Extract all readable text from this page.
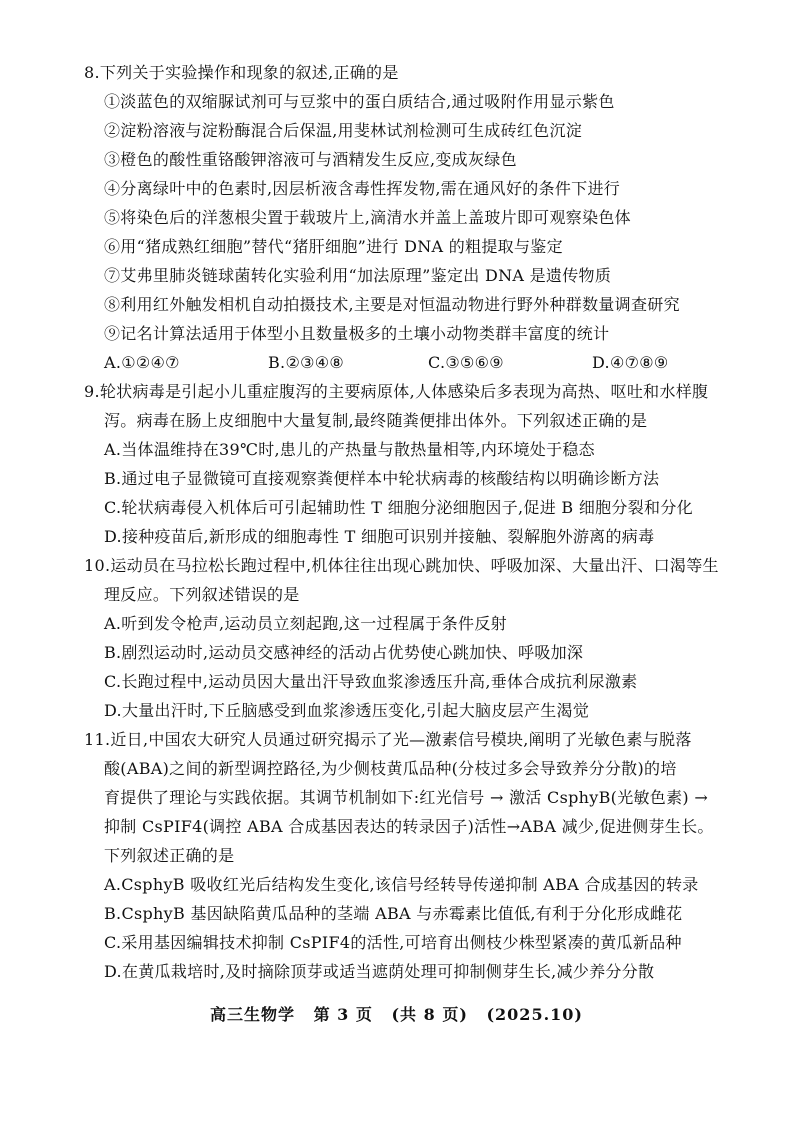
8.下列关于实验操作和现象的叙述,正确的是
①淡蓝色的双缩脲试剂可与豆浆中的蛋白质结合,通过吸附作用显示紫色
②淀粉溶液与淀粉酶混合后保温,用斐林试剂检测可生成砖红色沉淀
③橙色的酸性重铬酸钾溶液可与酒精发生反应,变成灰绿色
④分离绿叶中的色素时,因层析液含毒性挥发物,需在通风好的条件下进行
⑤将染色后的洋葱根尖置于载玻片上,滴清水并盖上盖玻片即可观察染色体
⑥用“猪成熟红细胞”替代“猪肝细胞”进行 DNA 的粗提取与鉴定
⑦艾弗里肺炎链球菌转化实验利用“加法原理”鉴定出 DNA 是遗传物质
⑧利用红外触发相机自动拍摄技术,主要是对恒温动物进行野外种群数量调查研究
⑨记名计算法适用于体型小且数量极多的土壤小动物类群丰富度的统计
A.①②④⑦	B.②③④⑧	C.③⑤⑥⑨	D.④⑦⑧⑨
9.轮状病毒是引起小儿重症腹泻的主要病原体,人体感染后多表现为高热、呕吐和水样腹
泻。病毒在肠上皮细胞中大量复制,最终随粪便排出体外。下列叙述正确的是
A.当体温维持在39℃时,患儿的产热量与散热量相等,内环境处于稳态
B.通过电子显微镜可直接观察粪便样本中轮状病毒的核酸结构以明确诊断方法
C.轮状病毒侵入机体后可引起辅助性 T 细胞分泌细胞因子,促进 B 细胞分裂和分化
D.接种疫苗后,新形成的细胞毒性 T 细胞可识别并接触、裂解胞外游离的病毒
10.运动员在马拉松长跑过程中,机体往往出现心跳加快、呼吸加深、大量出汗、口渴等生
理反应。下列叙述错误的是
A.听到发令枪声,运动员立刻起跑,这一过程属于条件反射
B.剧烈运动时,运动员交感神经的活动占优势使心跳加快、呼吸加深
C.长跑过程中,运动员因大量出汗导致血浆渗透压升高,垂体合成抗利尿激素
D.大量出汗时,下丘脑感受到血浆渗透压变化,引起大脑皮层产生渴觉
11.近日,中国农大研究人员通过研究揭示了光—激素信号模块,阐明了光敏色素与脱落
酸(ABA)之间的新型调控路径,为少侧枝黄瓜品种(分枝过多会导致养分分散)的培
育提供了理论与实践依据。其调节机制如下:红光信号 → 激活 CsphyB(光敏色素) →
抑制 CsPIF4(调控 ABA 合成基因表达的转录因子)活性→ABA 减少,促进侧芽生长。
下列叙述正确的是
A.CsphyB 吸收红光后结构发生变化,该信号经转导传递抑制 ABA 合成基因的转录
B.CsphyB 基因缺陷黄瓜品种的茎端 ABA 与赤霉素比值低,有利于分化形成雌花
C.采用基因编辑技术抑制 CsPIF4的活性,可培育出侧枝少株型紧凑的黄瓜新品种
D.在黄瓜栽培时,及时摘除顶芽或适当遮荫处理可抑制侧芽生长,减少养分分散
高三生物学 第 3 页 (共 8 页) (2025.10)
